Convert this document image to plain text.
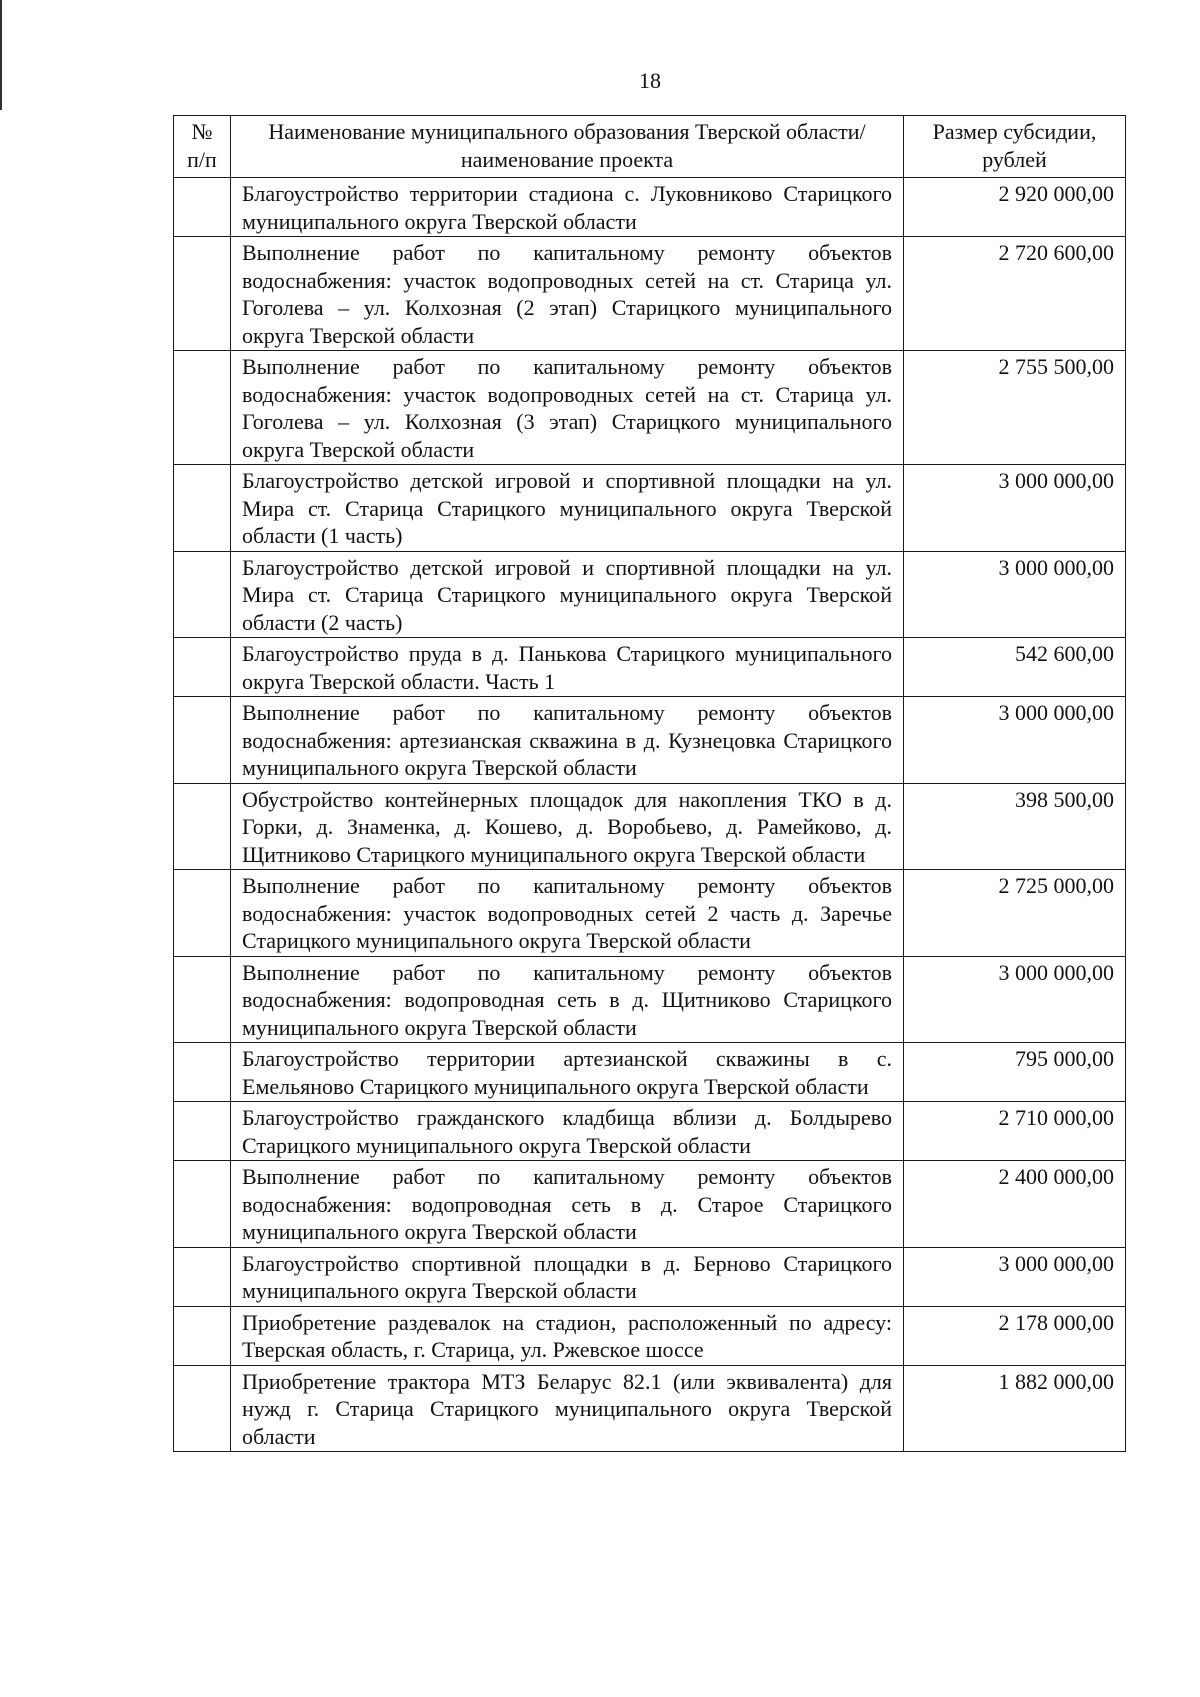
18
№ п/п	Наименование муниципального образования Тверской области/наименование проекта	Размер субсидии, рублей
	Благоустройство территории стадиона с. Луковниково Старицкого муниципального округа Тверской области	2 920 000,00
	Выполнение работ по капитальному ремонту объектов водоснабжения: участок водопроводных сетей на ст. Старица ул. Гоголева – ул. Колхозная (2 этап) Старицкого муниципального округа Тверской области	2 720 600,00
	Выполнение работ по капитальному ремонту объектов водоснабжения: участок водопроводных сетей на ст. Старица ул. Гоголева – ул. Колхозная (3 этап) Старицкого муниципального округа Тверской области	2 755 500,00
	Благоустройство детской игровой и спортивной площадки на ул. Мира ст. Старица Старицкого муниципального округа Тверской области (1 часть)	3 000 000,00
	Благоустройство детской игровой и спортивной площадки на ул. Мира ст. Старица Старицкого муниципального округа Тверской области (2 часть)	3 000 000,00
	Благоустройство пруда в д. Панькова Старицкого муниципального округа Тверской области. Часть 1	542 600,00
	Выполнение работ по капитальному ремонту объектов водоснабжения: артезианская скважина в д. Кузнецовка Старицкого муниципального округа Тверской области	3 000 000,00
	Обустройство контейнерных площадок для накопления ТКО в д. Горки, д. Знаменка, д. Кошево, д. Воробьево, д. Рамейково, д. Щитниково Старицкого муниципального округа Тверской области	398 500,00
	Выполнение работ по капитальному ремонту объектов водоснабжения: участок водопроводных сетей 2 часть д. Заречье Старицкого муниципального округа Тверской области	2 725 000,00
	Выполнение работ по капитальному ремонту объектов водоснабжения: водопроводная сеть в д. Щитниково Старицкого муниципального округа Тверской области	3 000 000,00
	Благоустройство территории артезианской скважины в с. Емельяново Старицкого муниципального округа Тверской области	795 000,00
	Благоустройство гражданского кладбища вблизи д. Болдырево Старицкого муниципального округа Тверской области	2 710 000,00
	Выполнение работ по капитальному ремонту объектов водоснабжения: водопроводная сеть в д. Старое Старицкого муниципального округа Тверской области	2 400 000,00
	Благоустройство спортивной площадки в д. Берново Старицкого муниципального округа Тверской области	3 000 000,00
	Приобретение раздевалок на стадион, расположенный по адресу: Тверская область, г. Старица, ул. Ржевское шоссе	2 178 000,00
	Приобретение трактора МТЗ Беларус 82.1 (или эквивалента) для нужд г. Старица Старицкого муниципального округа Тверской области	1 882 000,00
